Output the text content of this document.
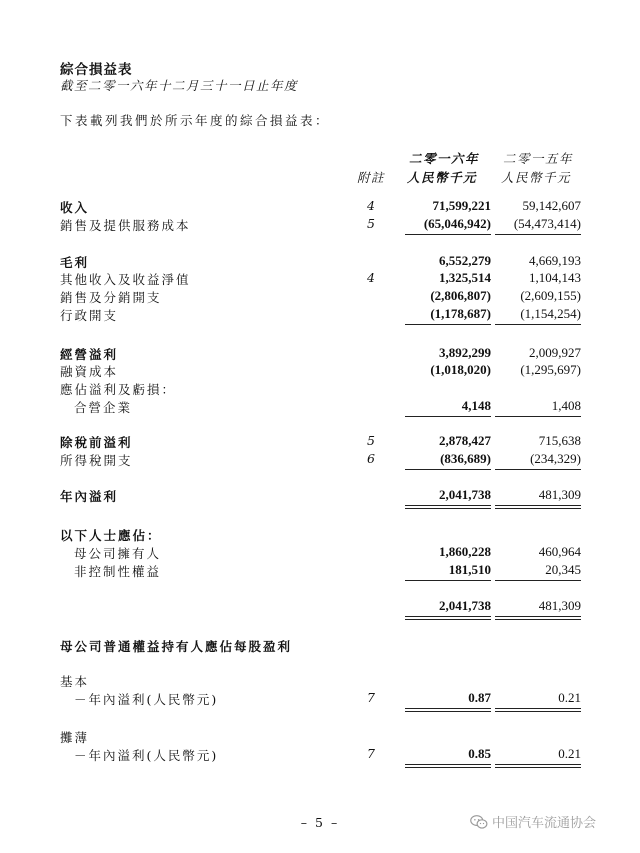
綜合損益表
截至二零一六年十二月三十一日止年度
下表載列我們於所示年度的綜合損益表：
二零一六年 二零一五年
附註 人民幣千元 人民幣千元
收入	4	71,599,221 59,142,607
銷售及提供服務成本	5	(65,046,942) (54,473,414)
毛利	6,552,279	4,669,193
其他收入及收益淨值	4	1,325,514	1,104,143
銷售及分銷開支	(2,806,807) (2,609,155)
行政開支	(1,178,687) (1,154,254)
經營溢利	3,892,299	2,009,927
融資成本	(1,018,020) (1,295,697)
應佔溢利及虧損：
合營企業	4,148	1,408
除稅前溢利	5	2,878,427	715,638
所得稅開支	6	(836,689)	(234,329)
年內溢利	2,041,738	481,309
以下人士應佔：
母公司擁有人	1,860,228	460,964
非控制性權益	181,510	20,345
2,041,738	481,309
母公司普通權益持有人應佔每股盈利
基本
－年內溢利(人民幣元)	7	0.87	0.21
攤薄
－年內溢利(人民幣元)	7	0.85	0.21
– 5 –	中国汽车流通协会
